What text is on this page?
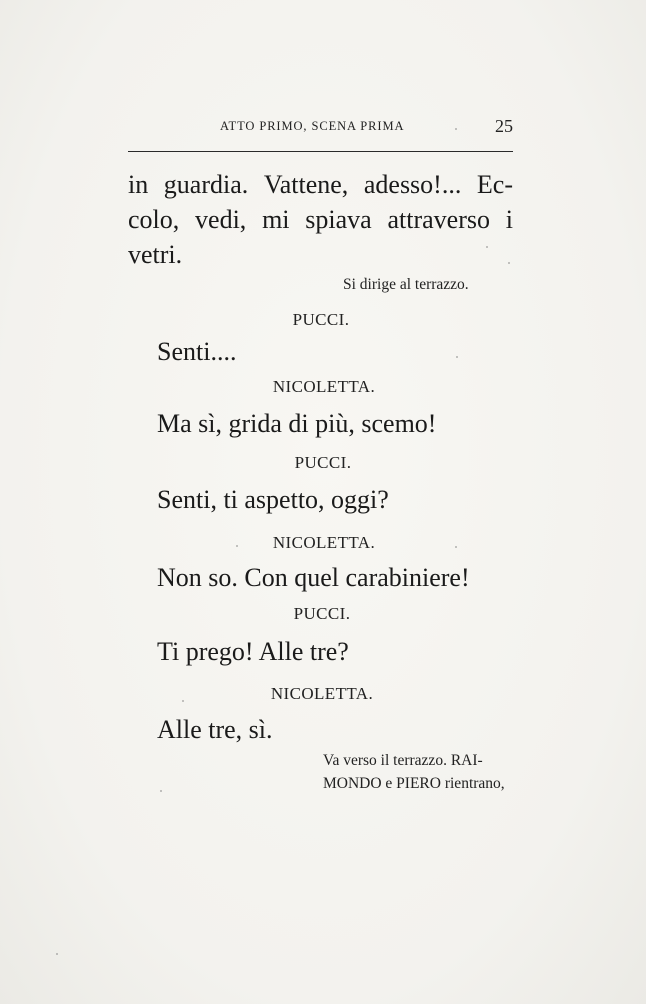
ATTO PRIMO, SCENA PRIMA	25
in guardia. Vattene, adesso!... Ec-
colo, vedi, mi spiava attraverso i
vetri.
Si dirige al terrazzo.
PUCCI.
Senti....
NICOLETTA.
Ma sì, grida di più, scemo!
PUCCI.
Senti, ti aspetto, oggi?
NICOLETTA.
Non so. Con quel carabiniere!
PUCCI.
Ti prego! Alle tre?
NICOLETTA.
Alle tre, sì.
Va verso il terrazzo. RAI-
MONDO e PIERO rientrano,
